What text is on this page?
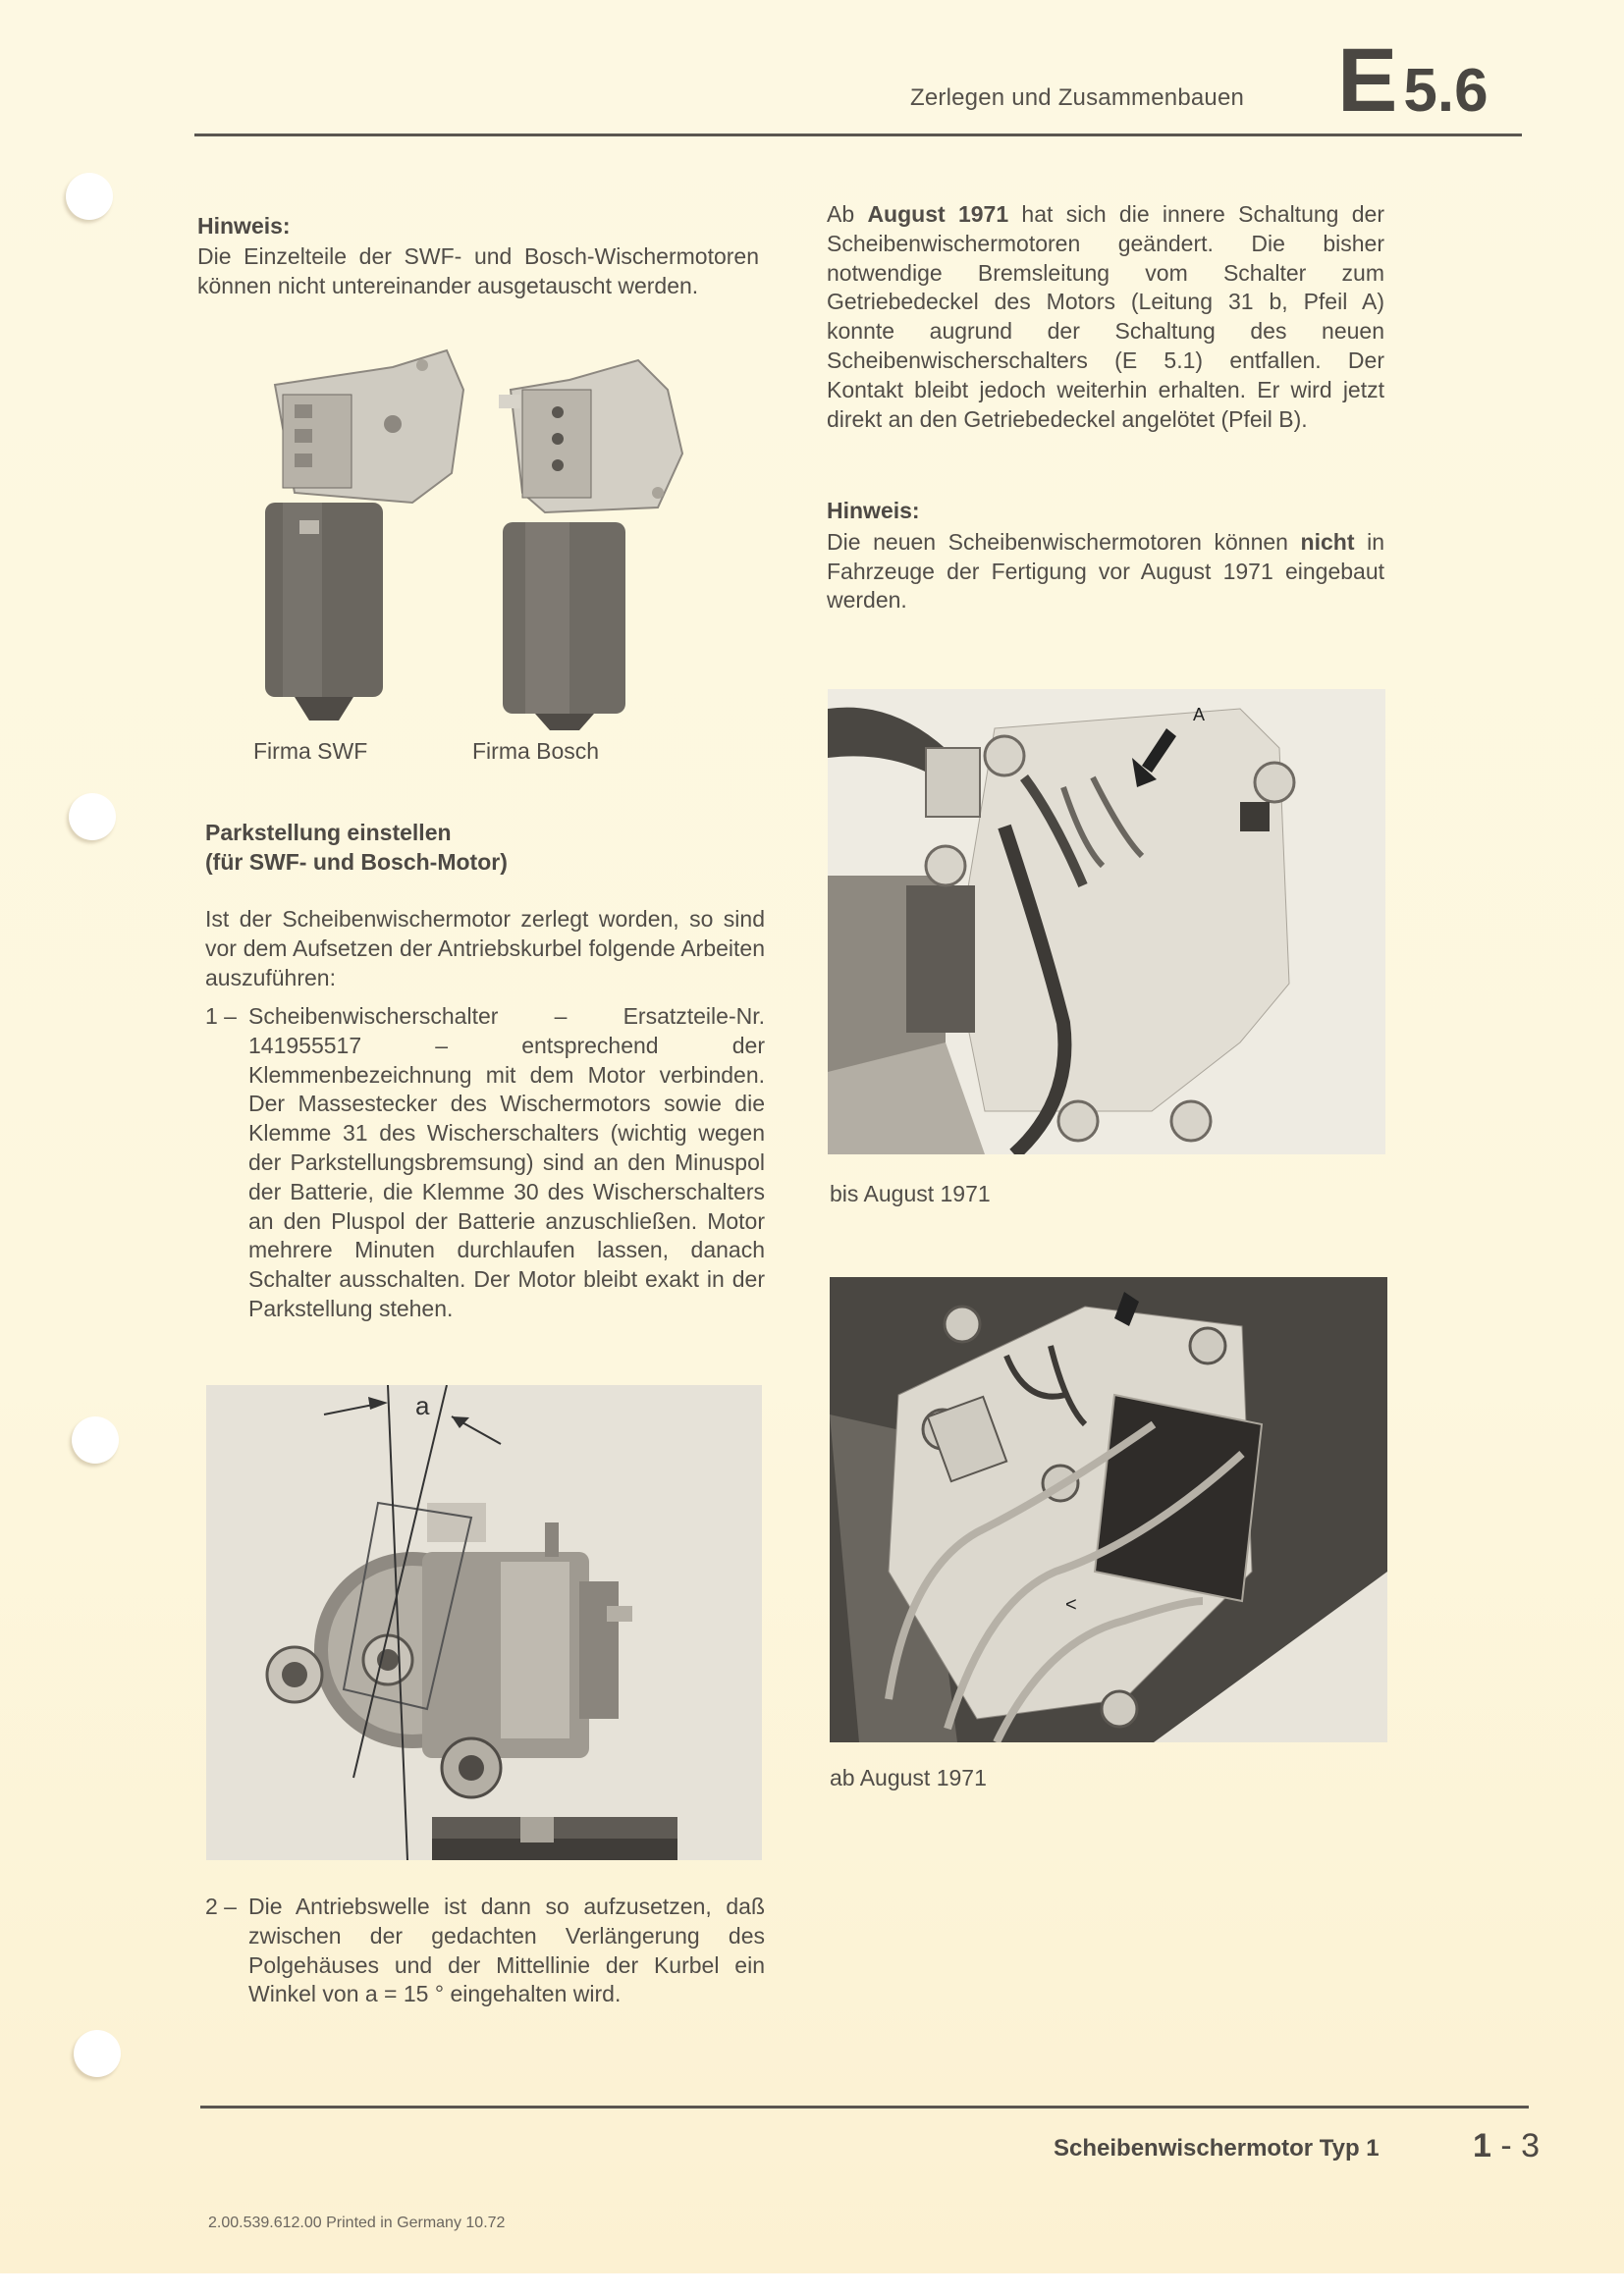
Zerlegen und Zusammenbauen E5.6
Hinweis:
Die Einzelteile der SWF- und Bosch-Wischermotoren können nicht untereinander ausgetauscht werden.
Firma SWF	Firma Bosch
Parkstellung einstellen
(für SWF- und Bosch-Motor)
Ist der Scheibenwischermotor zerlegt worden, so sind vor dem Aufsetzen der Antriebskurbel folgende Arbeiten auszuführen:
1 – Scheibenwischerschalter – Ersatzteile-Nr. 141955517 – entsprechend der Klemmenbezeichnung mit dem Motor verbinden. Der Massestecker des Wischermotors sowie die Klemme 31 des Wischerschalters (wichtig wegen der Parkstellungsbremsung) sind an den Minuspol der Batterie, die Klemme 30 des Wischerschalters an den Pluspol der Batterie anzuschließen. Motor mehrere Minuten durchlaufen lassen, danach Schalter ausschalten. Der Motor bleibt exakt in der Parkstellung stehen.
a
2 – Die Antriebswelle ist dann so aufzusetzen, daß zwischen der gedachten Verlängerung des Polgehäuses und der Mittellinie der Kurbel ein Winkel von a = 15 ° eingehalten wird.
Ab August 1971 hat sich die innere Schaltung der Scheibenwischermotoren geändert. Die bisher notwendige Bremsleitung vom Schalter zum Getriebedeckel des Motors (Leitung 31 b, Pfeil A) konnte augrund der Schaltung des neuen Scheibenwischerschalters (E 5.1) entfallen. Der Kontakt bleibt jedoch weiterhin erhalten. Er wird jetzt direkt an den Getriebedeckel angelötet (Pfeil B).
Hinweis:
Die neuen Scheibenwischermotoren können nicht in Fahrzeuge der Fertigung vor August 1971 eingebaut werden.
A
bis August 1971
<
ab August 1971
Scheibenwischermotor Typ 1	1 - 3
2.00.539.612.00 Printed in Germany 10.72
